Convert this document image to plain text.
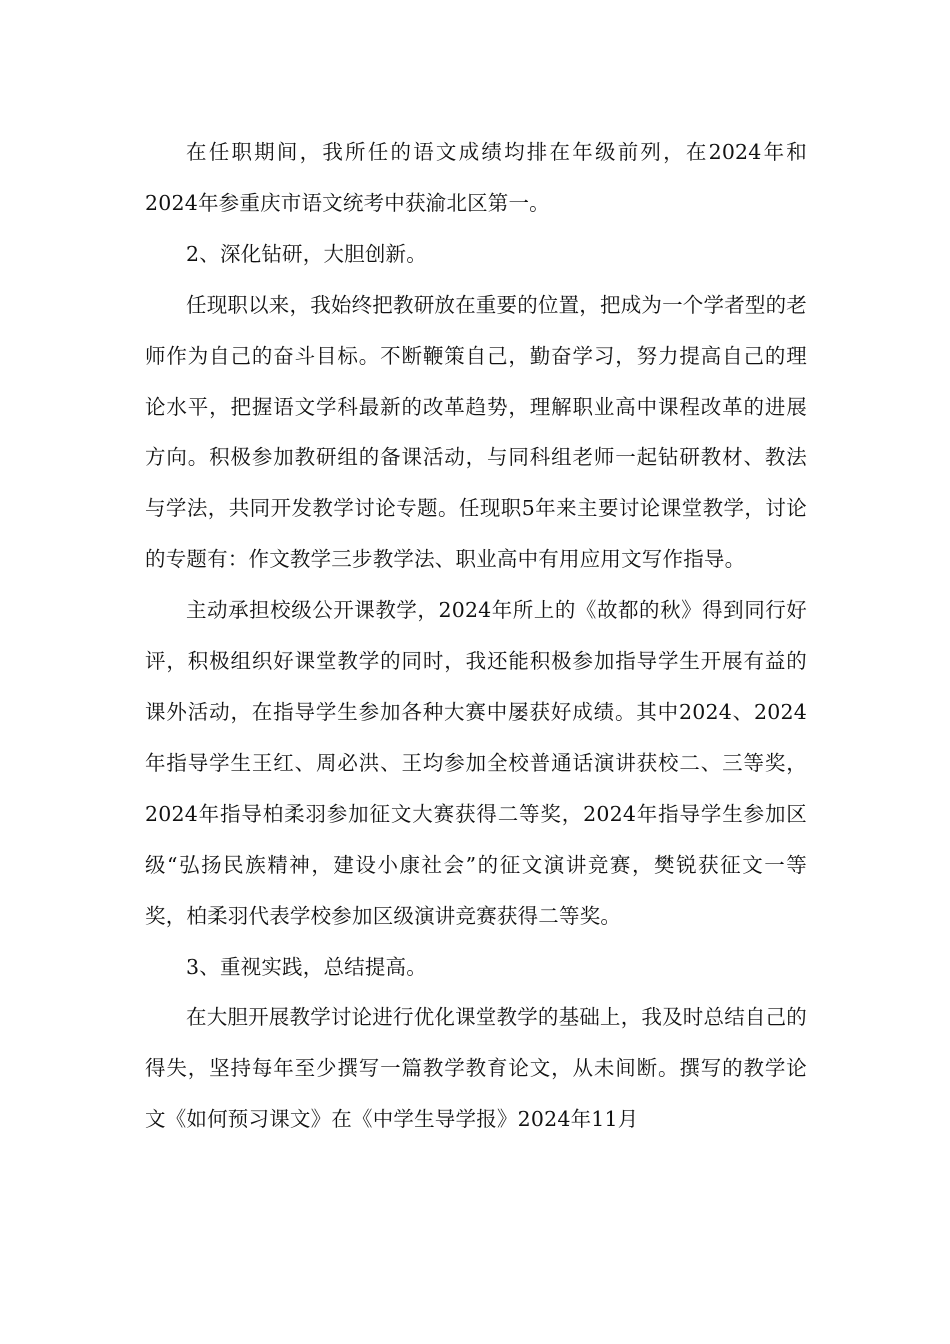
在任职期间，我所任的语文成绩均排在年级前列，在2024年和2024年参重庆市语文统考中获渝北区第一。

2、深化钻研，大胆创新。

任现职以来，我始终把教研放在重要的位置，把成为一个学者型的老师作为自己的奋斗目标。不断鞭策自己，勤奋学习，努力提高自己的理论水平，把握语文学科最新的改革趋势，理解职业高中课程改革的进展方向。积极参加教研组的备课活动，与同科组老师一起钻研教材、教法与学法，共同开发教学讨论专题。任现职5年来主要讨论课堂教学，讨论的专题有：作文教学三步教学法、职业高中有用应用文写作指导。

主动承担校级公开课教学，2024年所上的《故都的秋》得到同行好评，积极组织好课堂教学的同时，我还能积极参加指导学生开展有益的课外活动，在指导学生参加各种大赛中屡获好成绩。其中2024、2024年指导学生王红、周必洪、王均参加全校普通话演讲获校二、三等奖，2024年指导柏柔羽参加征文大赛获得二等奖，2024年指导学生参加区级“弘扬民族精神，建设小康社会”的征文演讲竞赛，樊锐获征文一等奖，柏柔羽代表学校参加区级演讲竞赛获得二等奖。

3、重视实践，总结提高。

在大胆开展教学讨论进行优化课堂教学的基础上，我及时总结自己的得失，坚持每年至少撰写一篇教学教育论文，从未间断。撰写的教学论文《如何预习课文》在《中学生导学报》2024年11月
